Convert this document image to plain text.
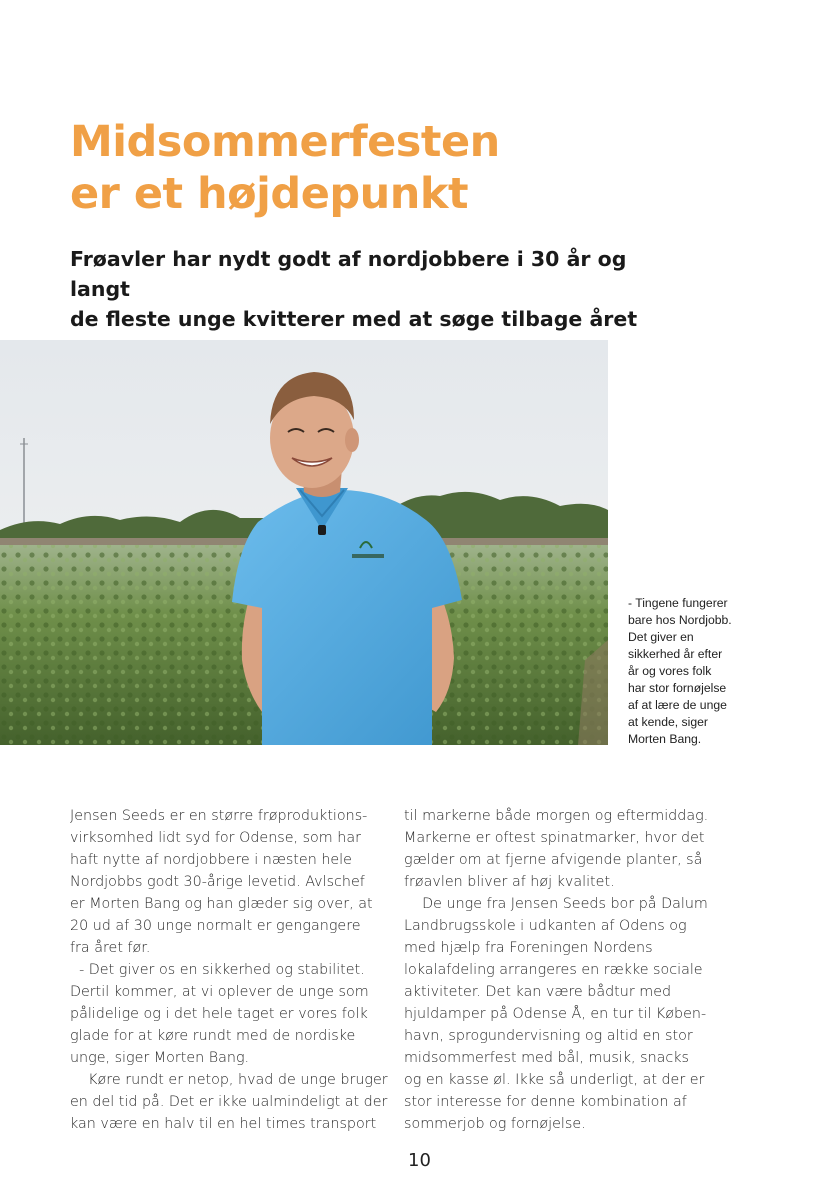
Midsommerfesten
er et højdepunkt

Frøavler har nydt godt af nordjobbere i 30 år og langt
de fleste unge kvitterer med at søge tilbage året

- Tingene fungerer
bare hos Nordjobb.
Det giver en
sikkerhed år efter
år og vores folk
har stor fornøjelse
af at lære de unge
at kende, siger
Morten Bang.
Jensen Seeds er en større frøproduktions-
virksomhed lidt syd for Odense, som har
haft nytte af nordjobbere i næsten hele
Nordjobbs godt 30-årige levetid. Avlschef
er Morten Bang og han glæder sig over, at
20 ud af 30 unge normalt er gengangere
fra året før.
- Det giver os en sikkerhed og stabilitet.
Dertil kommer, at vi oplever de unge som
pålidelige og i det hele taget er vores folk
glade for at køre rundt med de nordiske
unge, siger Morten Bang.
Køre rundt er netop, hvad de unge bruger
en del tid på. Det er ikke ualmindeligt at der
kan være en halv til en hel times transport
til markerne både morgen og eftermiddag.
Markerne er oftest spinatmarker, hvor det
gælder om at fjerne afvigende planter, så
frøavlen bliver af høj kvalitet.
De unge fra Jensen Seeds bor på Dalum
Landbrugsskole i udkanten af Odens og
med hjælp fra Foreningen Nordens
lokalafdeling arrangeres en række sociale
aktiviteter. Det kan være bådtur med
hjuldamper på Odense Å, en tur til Køben-
havn, sprogundervisning og altid en stor
midsommerfest med bål, musik, snacks
og en kasse øl. Ikke så underligt, at der er
stor interesse for denne kombination af
sommerjob og fornøjelse.
10
